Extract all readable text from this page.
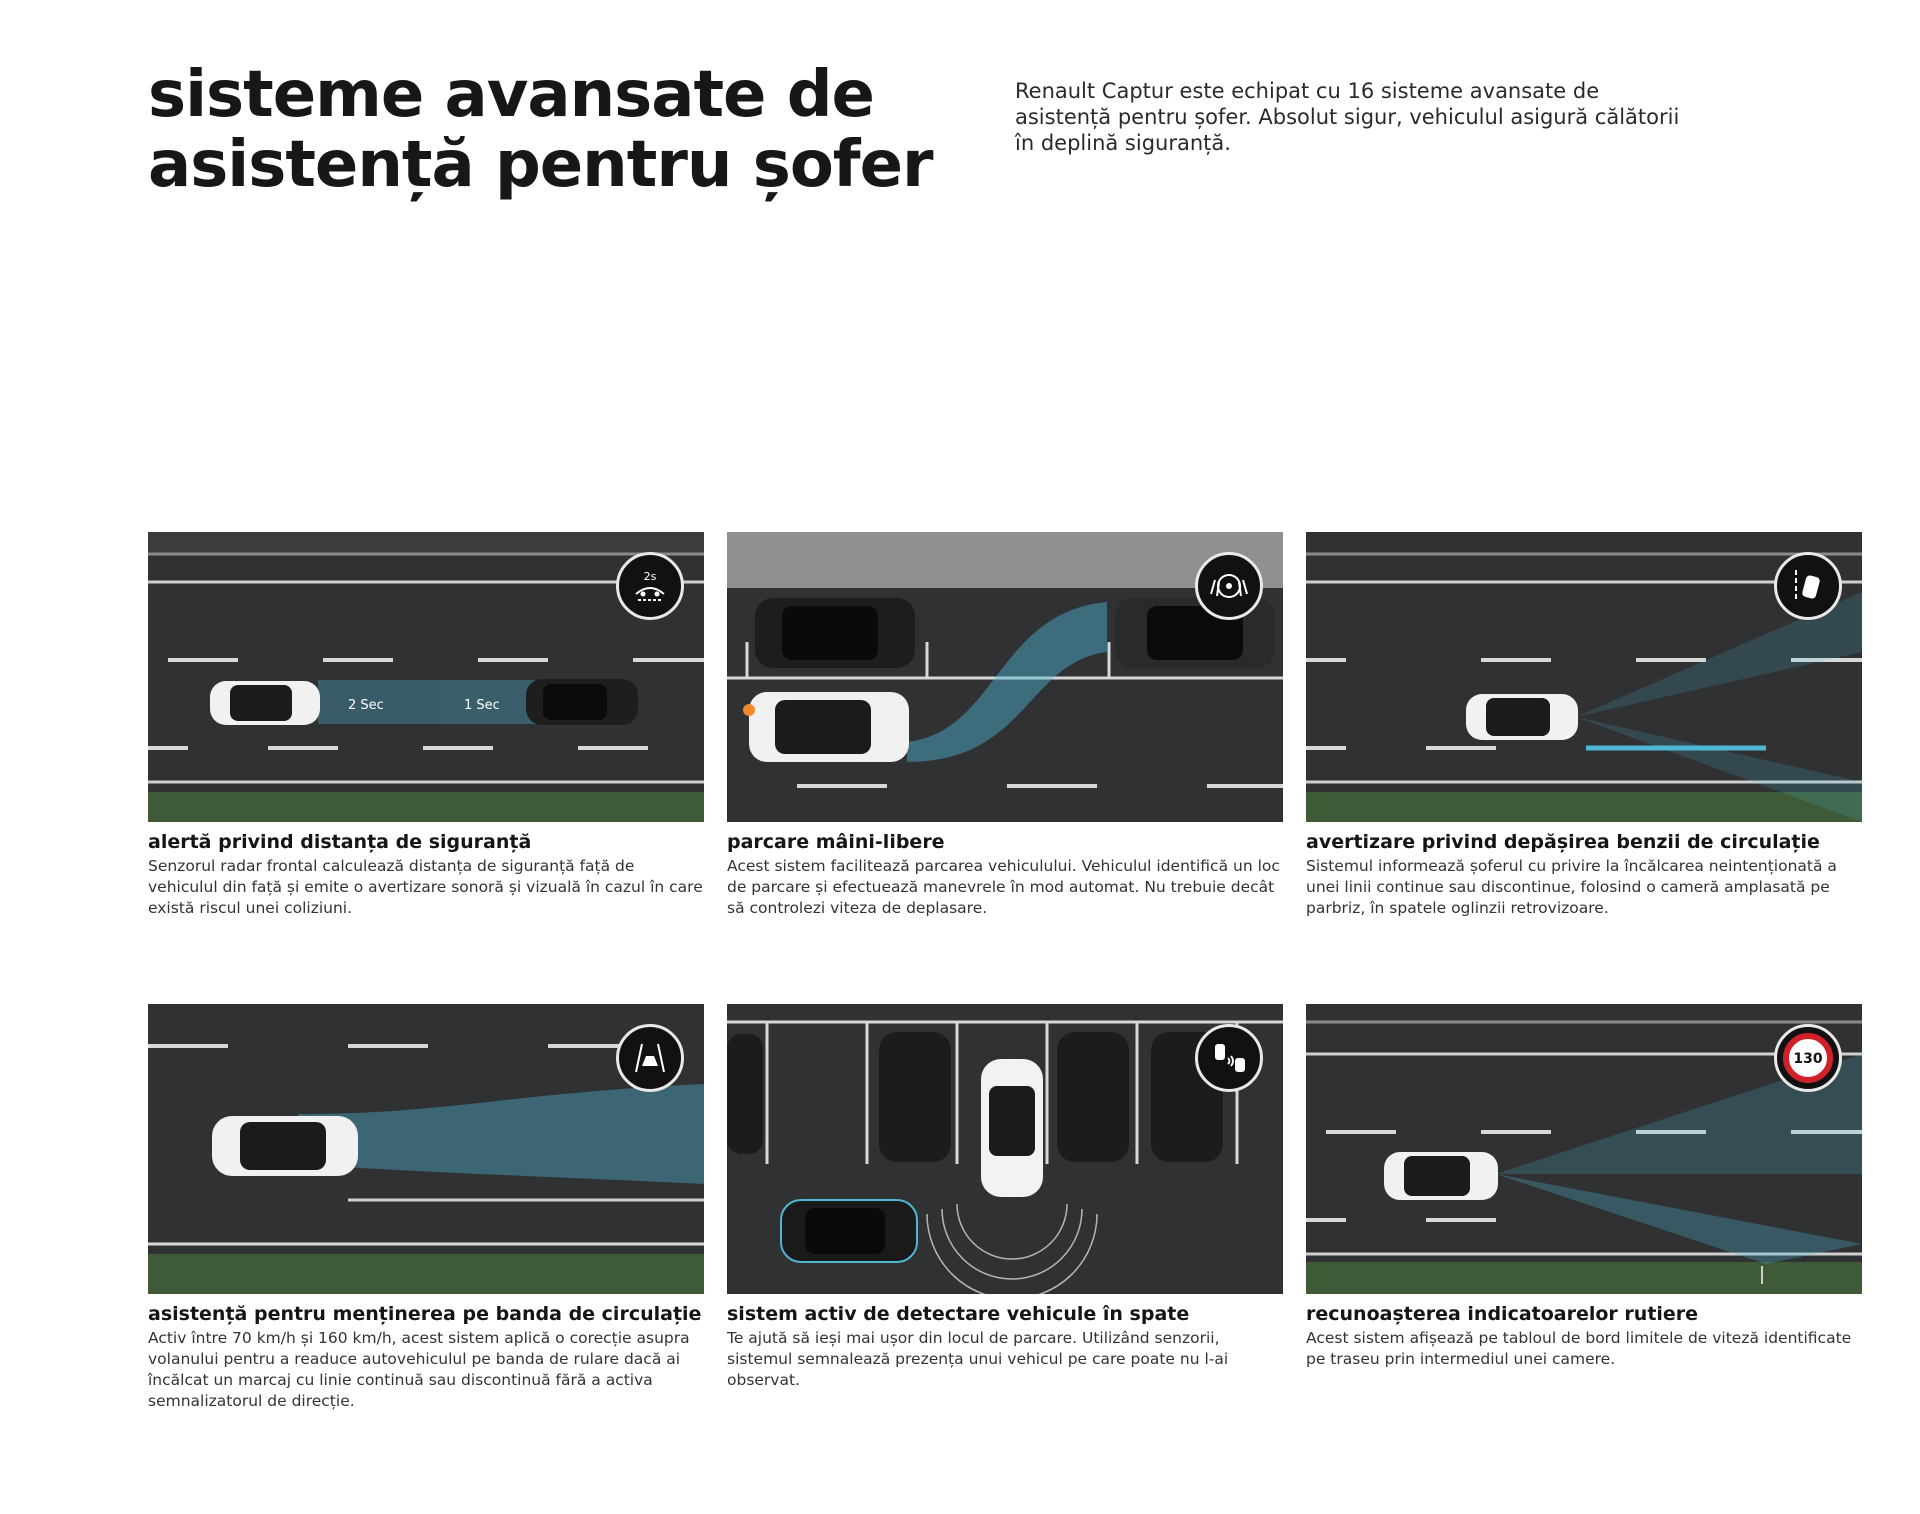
sisteme avansate de
asistență pentru șofer
Renault Captur este echipat cu 16 sisteme avansate de asistență pentru șofer. Absolut sigur, vehiculul asigură călătorii în deplină siguranță.
2 Sec	1 Sec
2s
alertă privind distanța de siguranță
Senzorul radar frontal calculează distanța de siguranță față de vehiculul din față și emite o avertizare sonoră și vizuală în cazul în care există riscul unei coliziuni.
parcare mâini-libere
Acest sistem facilitează parcarea vehiculului. Vehiculul identifică un loc de parcare și efectuează manevrele în mod automat. Nu trebuie decât să controlezi viteza de deplasare.
avertizare privind depășirea benzii de circulație
Sistemul informează șoferul cu privire la încălcarea neintenționată a unei linii continue sau discontinue, folosind o cameră amplasată pe parbriz, în spatele oglinzii retrovizoare.
asistență pentru menținerea pe banda de circulație
Activ între 70 km/h și 160 km/h, acest sistem aplică o corecție asupra volanului pentru a readuce autovehiculul pe banda de rulare dacă ai încălcat un marcaj cu linie continuă sau discontinuă fără a activa semnalizatorul de direcție.
sistem activ de detectare vehicule în spate
Te ajută să ieși mai ușor din locul de parcare. Utilizând senzorii, sistemul semnalează prezența unui vehicul pe care poate nu l-ai observat.
130
recunoașterea indicatoarelor rutiere
Acest sistem afișează pe tabloul de bord limitele de viteză identificate pe traseu prin intermediul unei camere.
